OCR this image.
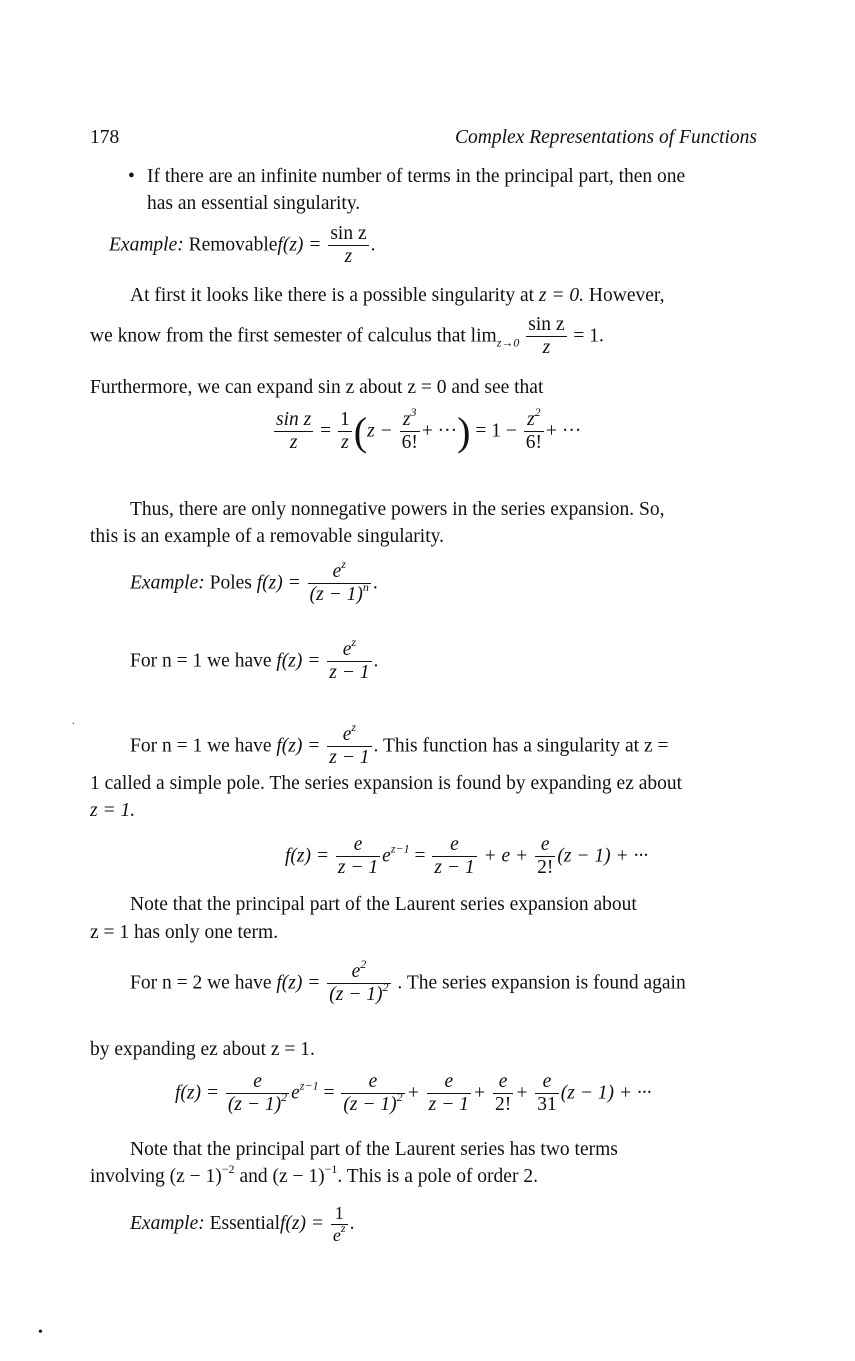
178	Complex Representations of Functions
• If there are an infinite number of terms in the principal part, then one
has an essential singularity.
Example: Removablef(z) = $\frac{\text{sin z}}{z}$ .
At first it looks like there is a possible singularity at z = 0. However,
we know from the first semester of calculus that $\lim_{z\to 0} \frac{\text{sin z}}{z} = 1$.
Furthermore, we can expand sin z about z = 0 and see that
$\frac{\text{sin z}}{z} = \frac{1}{z} (z - \frac{z^3}{6!}$ + ···) = $1 - \frac{z^2}{6!}$ + ···
Thus, there are only nonnegative powers in the series expansion. So,
this is an example of a removable singularity.
Example: Poles $f(z) = \frac{e^z}{(z - 1)^n}$ .
For n = 1 we have $f(z) = \frac{e^z}{z - 1}$ .
For n = 1 we have $f(z) = \frac{e^z}{z - 1}$ . This function has a singularity at z =
1 called a simple pole. The series expansion is found by expanding ez about
z = 1.
$f(z) = \frac{e}{z - 1} e^{z-1} = \frac{e}{z - 1} + e + \frac{e}{2!} (z - 1)$ + ···
Note that the principal part of the Laurent series expansion about
z = 1 has only one term.
For n = 2 we have $f(z) = \frac{e^2}{(z - 1)^2}$ . The series expansion is found again
by expanding ez about z = 1.
$f(z) = \frac{e}{(z - 1)^2} e^{z-1} = \frac{e}{(z - 1)^2} + \frac{e}{z - 1} + \frac{e}{2!} + \frac{e}{31} (z - 1)$ + ···
Note that the principal part of the Laurent series has two terms
involving $(z - 1)^{-2}$ and $(z - 1)^{-1}$. This is a pole of order 2.
Example: Essentialf(z) = $\frac{1}{e^z}$ .
.
•
